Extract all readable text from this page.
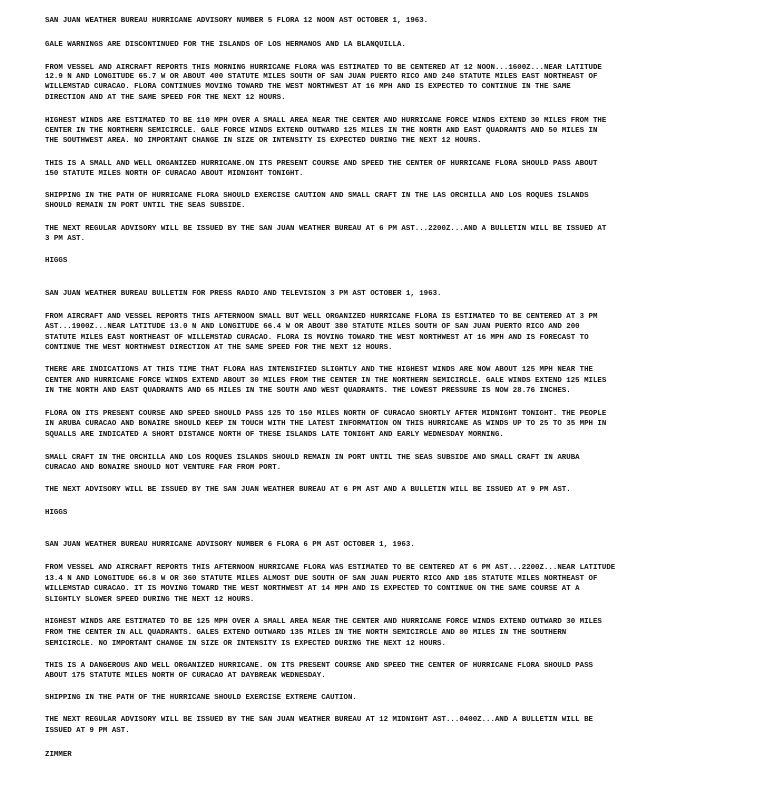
SAN JUAN WEATHER BUREAU HURRICANE ADVISORY NUMBER 5 FLORA 12 NOON AST OCTOBER 1, 1963.
GALE WARNINGS ARE DISCONTINUED FOR THE ISLANDS OF LOS HERMANOS AND LA BLANQUILLA.
FROM VESSEL AND AIRCRAFT REPORTS THIS MORNING HURRICANE FLORA WAS ESTIMATED TO BE CENTERED AT 12 NOON...1600Z...NEAR LATITUDE
12.9 N AND LONGITUDE 65.7 W OR ABOUT 400 STATUTE MILES SOUTH OF SAN JUAN PUERTO RICO AND 240 STATUTE MILES EAST NORTHEAST OF
WILLEMSTAD CURACAO. FLORA CONTINUES MOVING TOWARD THE WEST NORTHWEST AT 16 MPH AND IS EXPECTED TO CONTINUE IN THE SAME
DIRECTION AND AT THE SAME SPEED FOR THE NEXT 12 HOURS.
HIGHEST WINDS ARE ESTIMATED TO BE 110 MPH OVER A SMALL AREA NEAR THE CENTER AND HURRICANE FORCE WINDS EXTEND 30 MILES FROM THE
CENTER IN THE NORTHERN SEMICIRCLE. GALE FORCE WINDS EXTEND OUTWARD 125 MILES IN THE NORTH AND EAST QUADRANTS AND 50 MILES IN
THE SOUTHWEST AREA. NO IMPORTANT CHANGE IN SIZE OR INTENSITY IS EXPECTED DURING THE NEXT 12 HOURS.
THIS IS A SMALL AND WELL ORGANIZED HURRICANE.ON ITS PRESENT COURSE AND SPEED THE CENTER OF HURRICANE FLORA SHOULD PASS ABOUT
150 STATUTE MILES NORTH OF CURACAO ABOUT MIDNIGHT TONIGHT.
SHIPPING IN THE PATH OF HURRICANE FLORA SHOULD EXERCISE CAUTION AND SMALL CRAFT IN THE LAS ORCHILLA AND LOS ROQUES ISLANDS
SHOULD REMAIN IN PORT UNTIL THE SEAS SUBSIDE.
THE NEXT REGULAR ADVISORY WILL BE ISSUED BY THE SAN JUAN WEATHER BUREAU AT 6 PM AST...2200Z...AND A BULLETIN WILL BE ISSUED AT
3 PM AST.
HIGGS
SAN JUAN WEATHER BUREAU BULLETIN FOR PRESS RADIO AND TELEVISION 3 PM AST OCTOBER 1, 1963.
FROM AIRCRAFT AND VESSEL REPORTS THIS AFTERNOON SMALL BUT WELL ORGANIZED HURRICANE FLORA IS ESTIMATED TO BE CENTERED AT 3 PM
AST...1900Z...NEAR LATITUDE 13.0 N AND LONGITUDE 66.4 W OR ABOUT 380 STATUTE MILES SOUTH OF SAN JUAN PUERTO RICO AND 200
STATUTE MILES EAST NORTHEAST OF WILLEMSTAD CURACAO. FLORA IS MOVING TOWARD THE WEST NORTHWEST AT 16 MPH AND IS FORECAST TO
CONTINUE THE WEST NORTHWEST DIRECTION AT THE SAME SPEED FOR THE NEXT 12 HOURS.
THERE ARE INDICATIONS AT THIS TIME THAT FLORA HAS INTENSIFIED SLIGHTLY AND THE HIGHEST WINDS ARE NOW ABOUT 125 MPH NEAR THE
CENTER AND HURRICANE FORCE WINDS EXTEND ABOUT 30 MILES FROM THE CENTER IN THE NORTHERN SEMICIRCLE. GALE WINDS EXTEND 125 MILES
IN THE NORTH AND EAST QUADRANTS AND 65 MILES IN THE SOUTH AND WEST QUADRANTS. THE LOWEST PRESSURE IS NOW 28.76 INCHES.
FLORA ON ITS PRESENT COURSE AND SPEED SHOULD PASS 125 TO 150 MILES NORTH OF CURACAO SHORTLY AFTER MIDNIGHT TONIGHT. THE PEOPLE
IN ARUBA CURACAO AND BONAIRE SHOULD KEEP IN TOUCH WITH THE LATEST INFORMATION ON THIS HURRICANE AS WINDS UP TO 25 TO 35 MPH IN
SQUALLS ARE INDICATED A SHORT DISTANCE NORTH OF THESE ISLANDS LATE TONIGHT AND EARLY WEDNESDAY MORNING.
SMALL CRAFT IN THE ORCHILLA AND LOS ROQUES ISLANDS SHOULD REMAIN IN PORT UNTIL THE SEAS SUBSIDE AND SMALL CRAFT IN ARUBA
CURACAO AND BONAIRE SHOULD NOT VENTURE FAR FROM PORT.
THE NEXT ADVISORY WILL BE ISSUED BY THE SAN JUAN WEATHER BUREAU AT 6 PM AST AND A BULLETIN WILL BE ISSUED AT 9 PM AST.
HIGGS
SAN JUAN WEATHER BUREAU HURRICANE ADVISORY NUMBER 6 FLORA 6 PM AST OCTOBER 1, 1963.
FROM VESSEL AND AIRCRAFT REPORTS THIS AFTERNOON HURRICANE FLORA WAS ESTIMATED TO BE CENTERED AT 6 PM AST...2200Z...NEAR LATITUDE
13.4 N AND LONGITUDE 66.8 W OR 360 STATUTE MILES ALMOST DUE SOUTH OF SAN JUAN PUERTO RICO AND 185 STATUTE MILES NORTHEAST OF
WILLEMSTAD CURACAO. IT IS MOVING TOWARD THE WEST NORTHWEST AT 14 MPH AND IS EXPECTED TO CONTINUE ON THE SAME COURSE AT A
SLIGHTLY SLOWER SPEED DURING THE NEXT 12 HOURS.
HIGHEST WINDS ARE ESTIMATED TO BE 125 MPH OVER A SMALL AREA NEAR THE CENTER AND HURRICANE FORCE WINDS EXTEND OUTWARD 30 MILES
FROM THE CENTER IN ALL QUADRANTS. GALES EXTEND OUTWARD 135 MILES IN THE NORTH SEMICIRCLE AND 80 MILES IN THE SOUTHERN
SEMICIRCLE. NO IMPORTANT CHANGE IN SIZE OR INTENSITY IS EXPECTED DURING THE NEXT 12 HOURS.
THIS IS A DANGEROUS AND WELL ORGANIZED HURRICANE. ON ITS PRESENT COURSE AND SPEED THE CENTER OF HURRICANE FLORA SHOULD PASS
ABOUT 175 STATUTE MILES NORTH OF CURACAO AT DAYBREAK WEDNESDAY.
SHIPPING IN THE PATH OF THE HURRICANE SHOULD EXERCISE EXTREME CAUTION.
THE NEXT REGULAR ADVISORY WILL BE ISSUED BY THE SAN JUAN WEATHER BUREAU AT 12 MIDNIGHT AST...0400Z...AND A BULLETIN WILL BE
ISSUED AT 9 PM AST.
ZIMMER
